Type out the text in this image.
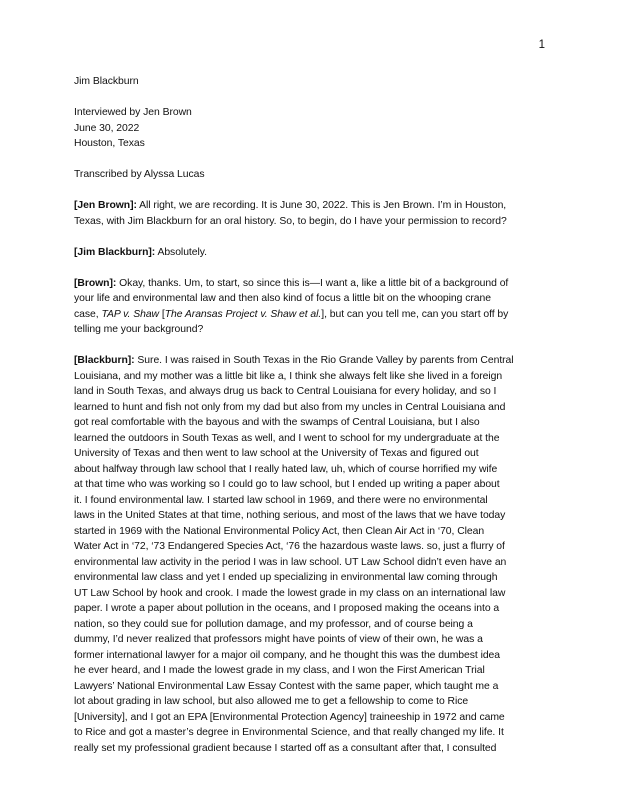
1
Jim Blackburn
Interviewed by Jen Brown
June 30, 2022
Houston, Texas
Transcribed by Alyssa Lucas
[Jen Brown]: All right, we are recording. It is June 30, 2022. This is Jen Brown. I’m in Houston,
Texas, with Jim Blackburn for an oral history. So, to begin, do I have your permission to record?
[Jim Blackburn]: Absolutely.
[Brown]: Okay, thanks. Um, to start, so since this is—I want a, like a little bit of a background of
your life and environmental law and then also kind of focus a little bit on the whooping crane
case, TAP v. Shaw [The Aransas Project v. Shaw et al.], but can you tell me, can you start off by
telling me your background?
[Blackburn]: Sure. I was raised in South Texas in the Rio Grande Valley by parents from Central
Louisiana, and my mother was a little bit like a, I think she always felt like she lived in a foreign
land in South Texas, and always drug us back to Central Louisiana for every holiday, and so I
learned to hunt and fish not only from my dad but also from my uncles in Central Louisiana and
got real comfortable with the bayous and with the swamps of Central Louisiana, but I also
learned the outdoors in South Texas as well, and I went to school for my undergraduate at the
University of Texas and then went to law school at the University of Texas and figured out
about halfway through law school that I really hated law, uh, which of course horrified my wife
at that time who was working so I could go to law school, but I ended up writing a paper about
it. I found environmental law. I started law school in 1969, and there were no environmental
laws in the United States at that time, nothing serious, and most of the laws that we have today
started in 1969 with the National Environmental Policy Act, then Clean Air Act in ‘70, Clean
Water Act in ‘72, ‘73 Endangered Species Act, ‘76 the hazardous waste laws. so, just a flurry of
environmental law activity in the period I was in law school. UT Law School didn’t even have an
environmental law class and yet I ended up specializing in environmental law coming through
UT Law School by hook and crook. I made the lowest grade in my class on an international law
paper. I wrote a paper about pollution in the oceans, and I proposed making the oceans into a
nation, so they could sue for pollution damage, and my professor, and of course being a
dummy, I’d never realized that professors might have points of view of their own, he was a
former international lawyer for a major oil company, and he thought this was the dumbest idea
he ever heard, and I made the lowest grade in my class, and I won the First American Trial
Lawyers’ National Environmental Law Essay Contest with the same paper, which taught me a
lot about grading in law school, but also allowed me to get a fellowship to come to Rice
[University], and I got an EPA [Environmental Protection Agency] traineeship in 1972 and came
to Rice and got a master’s degree in Environmental Science, and that really changed my life. It
really set my professional gradient because I started off as a consultant after that, I consulted
